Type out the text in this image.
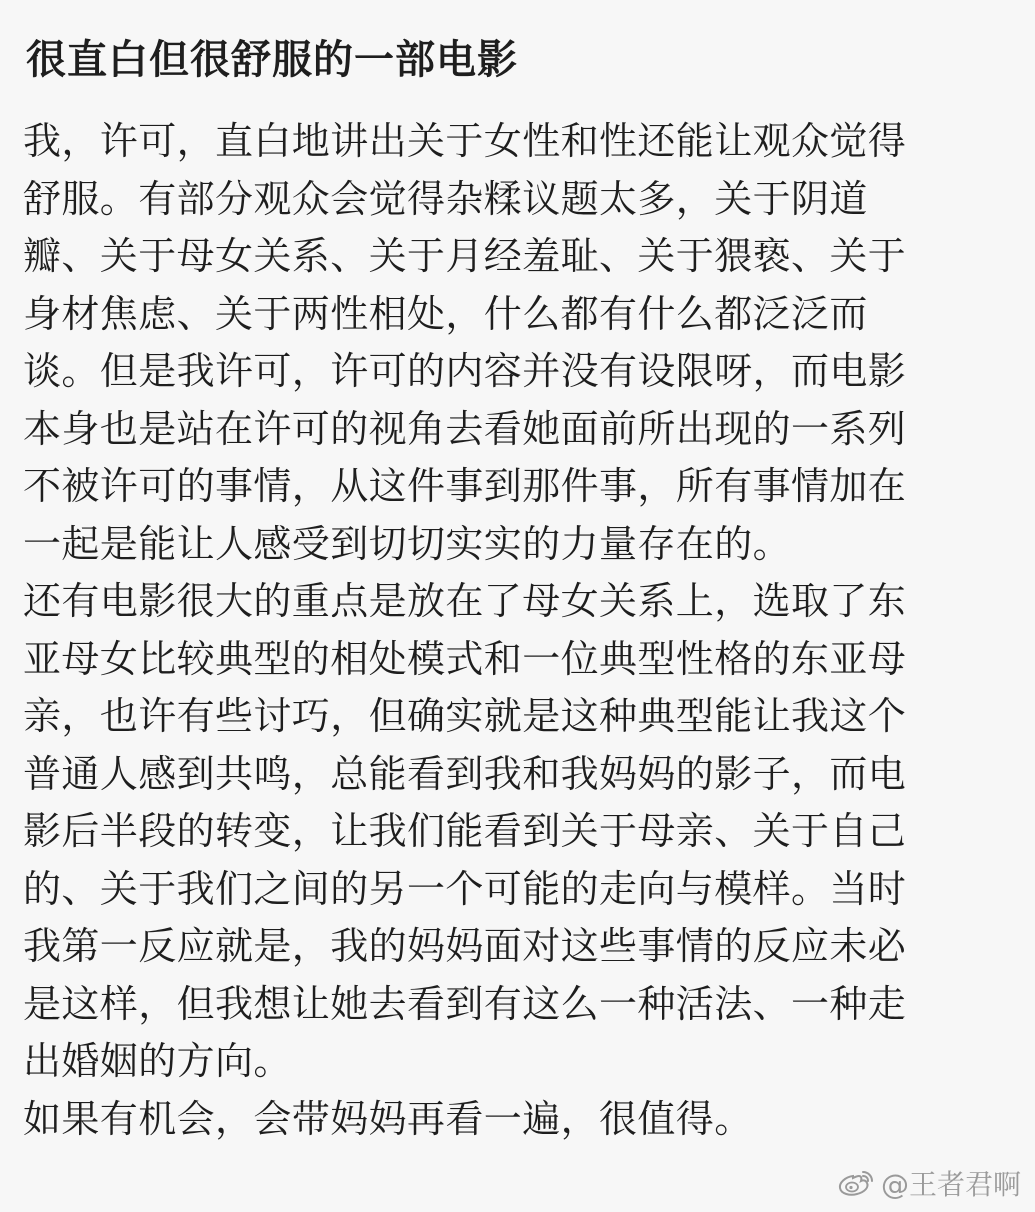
很直白但很舒服的一部电影
我，许可，直白地讲出关于女性和性还能让观众觉得
舒服。有部分观众会觉得杂糅议题太多，关于阴道
瓣、关于母女关系、关于月经羞耻、关于猥亵、关于
身材焦虑、关于两性相处，什么都有什么都泛泛而
谈。但是我许可，许可的内容并没有设限呀，而电影
本身也是站在许可的视角去看她面前所出现的一系列
不被许可的事情，从这件事到那件事，所有事情加在
一起是能让人感受到切切实实的力量存在的。
还有电影很大的重点是放在了母女关系上，选取了东
亚母女比较典型的相处模式和一位典型性格的东亚母
亲，也许有些讨巧，但确实就是这种典型能让我这个
普通人感到共鸣，总能看到我和我妈妈的影子，而电
影后半段的转变，让我们能看到关于母亲、关于自己
的、关于我们之间的另一个可能的走向与模样。当时
我第一反应就是，我的妈妈面对这些事情的反应未必
是这样，但我想让她去看到有这么一种活法、一种走
出婚姻的方向。
如果有机会，会带妈妈再看一遍，很值得。
@王者君啊
